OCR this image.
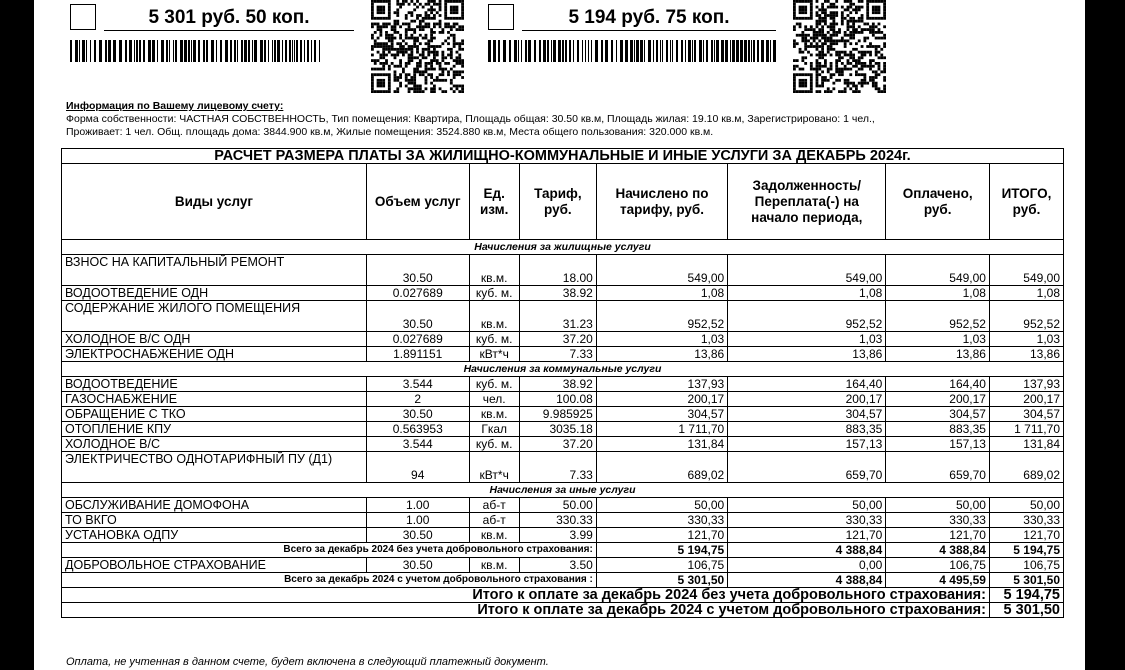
5 301 руб. 50 коп.	5 194 руб. 75 коп.
Информация по Вашему лицевому счету:
Форма собственности: ЧАСТНАЯ СОБСТВЕННОСТЬ, Тип помещения: Квартира, Площадь общая: 30.50 кв.м, Площадь жилая: 19.10 кв.м, Зарегистрировано: 1 чел.,
Проживает: 1 чел. Общ. площадь дома: 3844.900 кв.м, Жилые помещения: 3524.880 кв.м, Места общего пользования: 320.000 кв.м.
РАСЧЕТ РАЗМЕРА ПЛАТЫ ЗА ЖИЛИЩНО-КОММУНАЛЬНЫЕ И ИНЫЕ УСЛУГИ ЗА ДЕКАБРЬ 2024г.							
Виды услуг	Объем услуг	Ед. изм.	Тариф, руб.	Начислено по тарифу, руб.	Задолженность/ Переплата(-) на начало периода,	Оплачено, руб.	ИТОГО, руб.
Начисления за жилищные услуги							
ВЗНОС НА КАПИТАЛЬНЫЙ РЕМОНТ	30.50	кв.м.	18.00	549,00	549,00	549,00	549,00
ВОДООТВЕДЕНИЕ ОДН	0.027689	куб. м.	38.92	1,08	1,08	1,08	1,08
СОДЕРЖАНИЕ ЖИЛОГО ПОМЕЩЕНИЯ	30.50	кв.м.	31.23	952,52	952,52	952,52	952,52
ХОЛОДНОЕ В/С ОДН	0.027689	куб. м.	37.20	1,03	1,03	1,03	1,03
ЭЛЕКТРОСНАБЖЕНИЕ ОДН	1.891151	кВт*ч	7.33	13,86	13,86	13,86	13,86
Начисления за коммунальные услуги							
ВОДООТВЕДЕНИЕ	3.544	куб. м.	38.92	137,93	164,40	164,40	137,93
ГАЗОСНАБЖЕНИЕ	2	чел.	100.08	200,17	200,17	200,17	200,17
ОБРАЩЕНИЕ С ТКО	30.50	кв.м.	9.985925	304,57	304,57	304,57	304,57
ОТОПЛЕНИЕ КПУ	0.563953	Гкал	3035.18	1 711,70	883,35	883,35	1 711,70
ХОЛОДНОЕ В/С	3.544	куб. м.	37.20	131,84	157,13	157,13	131,84
ЭЛЕКТРИЧЕСТВО ОДНОТАРИФНЫЙ ПУ (Д1)	94	кВт*ч	7.33	689,02	659,70	659,70	689,02
Начисления за иные услуги							
ОБСЛУЖИВАНИЕ ДОМОФОНА	1.00	аб-т	50.00	50,00	50,00	50,00	50,00
ТО ВКГО	1.00	аб-т	330.33	330,33	330,33	330,33	330,33
УСТАНОВКА ОДПУ	30.50	кв.м.	3.99	121,70	121,70	121,70	121,70
Всего за декабрь 2024 без учета добровольного страхования:				5 194,75	4 388,84	4 388,84	5 194,75
ДОБРОВОЛЬНОЕ СТРАХОВАНИЕ	30.50	кв.м.	3.50	106,75	0,00	106,75	106,75
Всего за декабрь 2024 с учетом добровольного страхования :				5 301,50	4 388,84	4 495,59	5 301,50
Итого к оплате за декабрь 2024 без учета добровольного страхования:							5 194,75
Итого к оплате за декабрь 2024 с учетом добровольного страхования:							5 301,50
Оплата, не учтенная в данном счете, будет включена в следующий платежный документ.
